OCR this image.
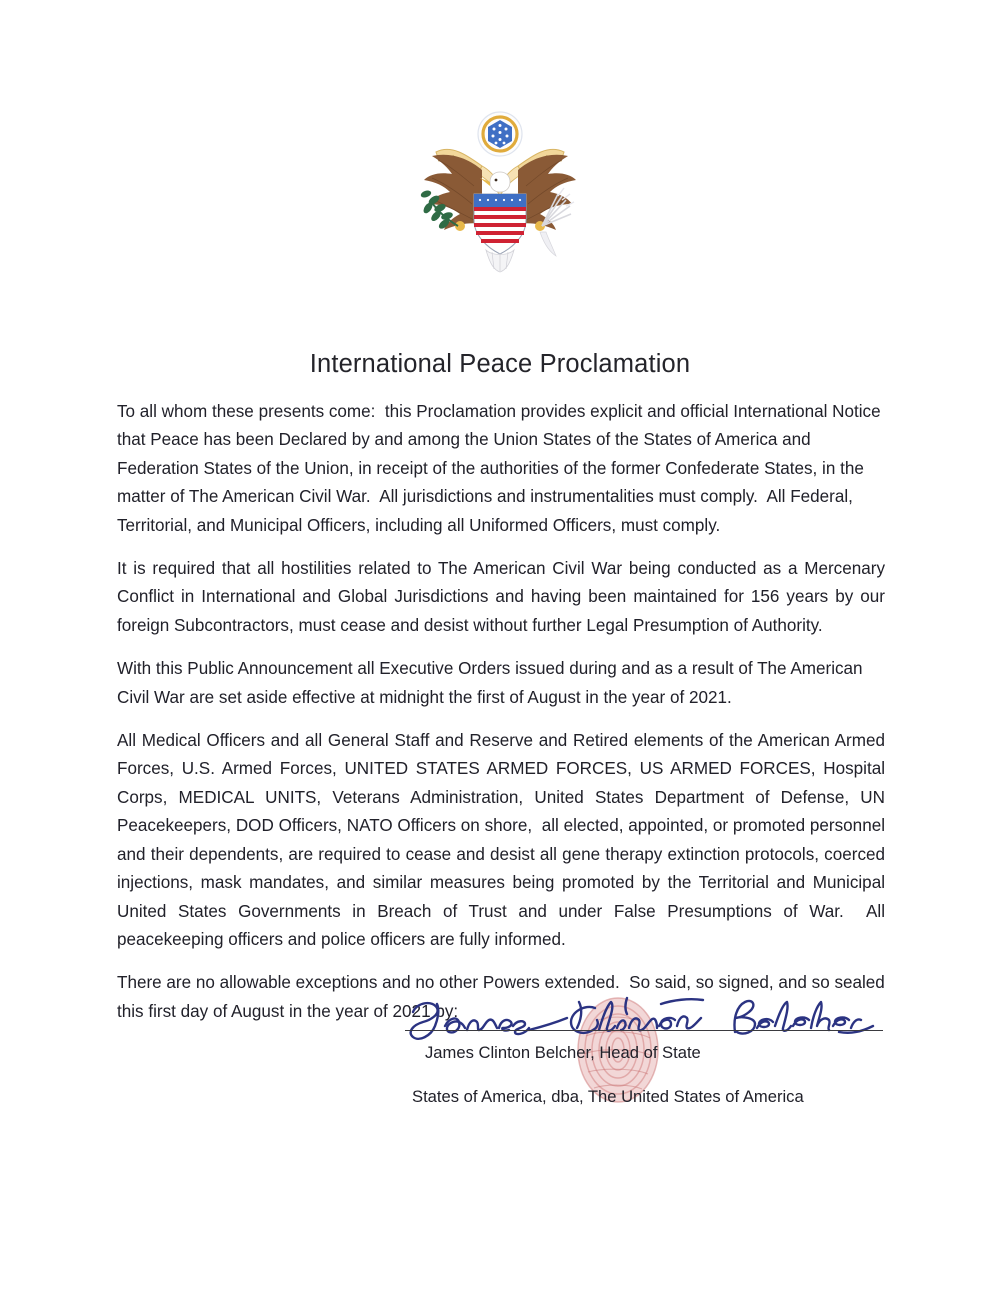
International Peace Proclamation

To all whom these presents come:  this Proclamation provides explicit and official International Notice that Peace has been Declared by and among the Union States of the States of America and Federation States of the Union, in receipt of the authorities of the former Confederate States, in the matter of The American Civil War.  All jurisdictions and instrumentalities must comply.  All Federal, Territorial, and Municipal Officers, including all Uniformed Officers, must comply.

It is required that all hostilities related to The American Civil War being conducted as a Mercenary Conflict in International and Global Jurisdictions and having been maintained for 156 years by our foreign Subcontractors, must cease and desist without further Legal Presumption of Authority.

With this Public Announcement all Executive Orders issued during and as a result of The American Civil War are set aside effective at midnight the first of August in the year of 2021.

All Medical Officers and all General Staff and Reserve and Retired elements of the American Armed Forces, U.S. Armed Forces, UNITED STATES ARMED FORCES, US ARMED FORCES, Hospital Corps, MEDICAL UNITS, Veterans Administration, United States Department of Defense, UN Peacekeepers, DOD Officers, NATO Officers on shore,  all elected, appointed, or promoted personnel and their dependents, are required to cease and desist all gene therapy extinction protocols, coerced injections, mask mandates, and similar measures being promoted by the Territorial and Municipal United States Governments in Breach of Trust and under False Presumptions of War.  All peacekeeping officers and police officers are fully informed.

There are no allowable exceptions and no other Powers extended.  So said, so signed, and so sealed this first day of August in the year of 2021 by:

James Clinton Belcher, Head of State
States of America, dba, The United States of America
